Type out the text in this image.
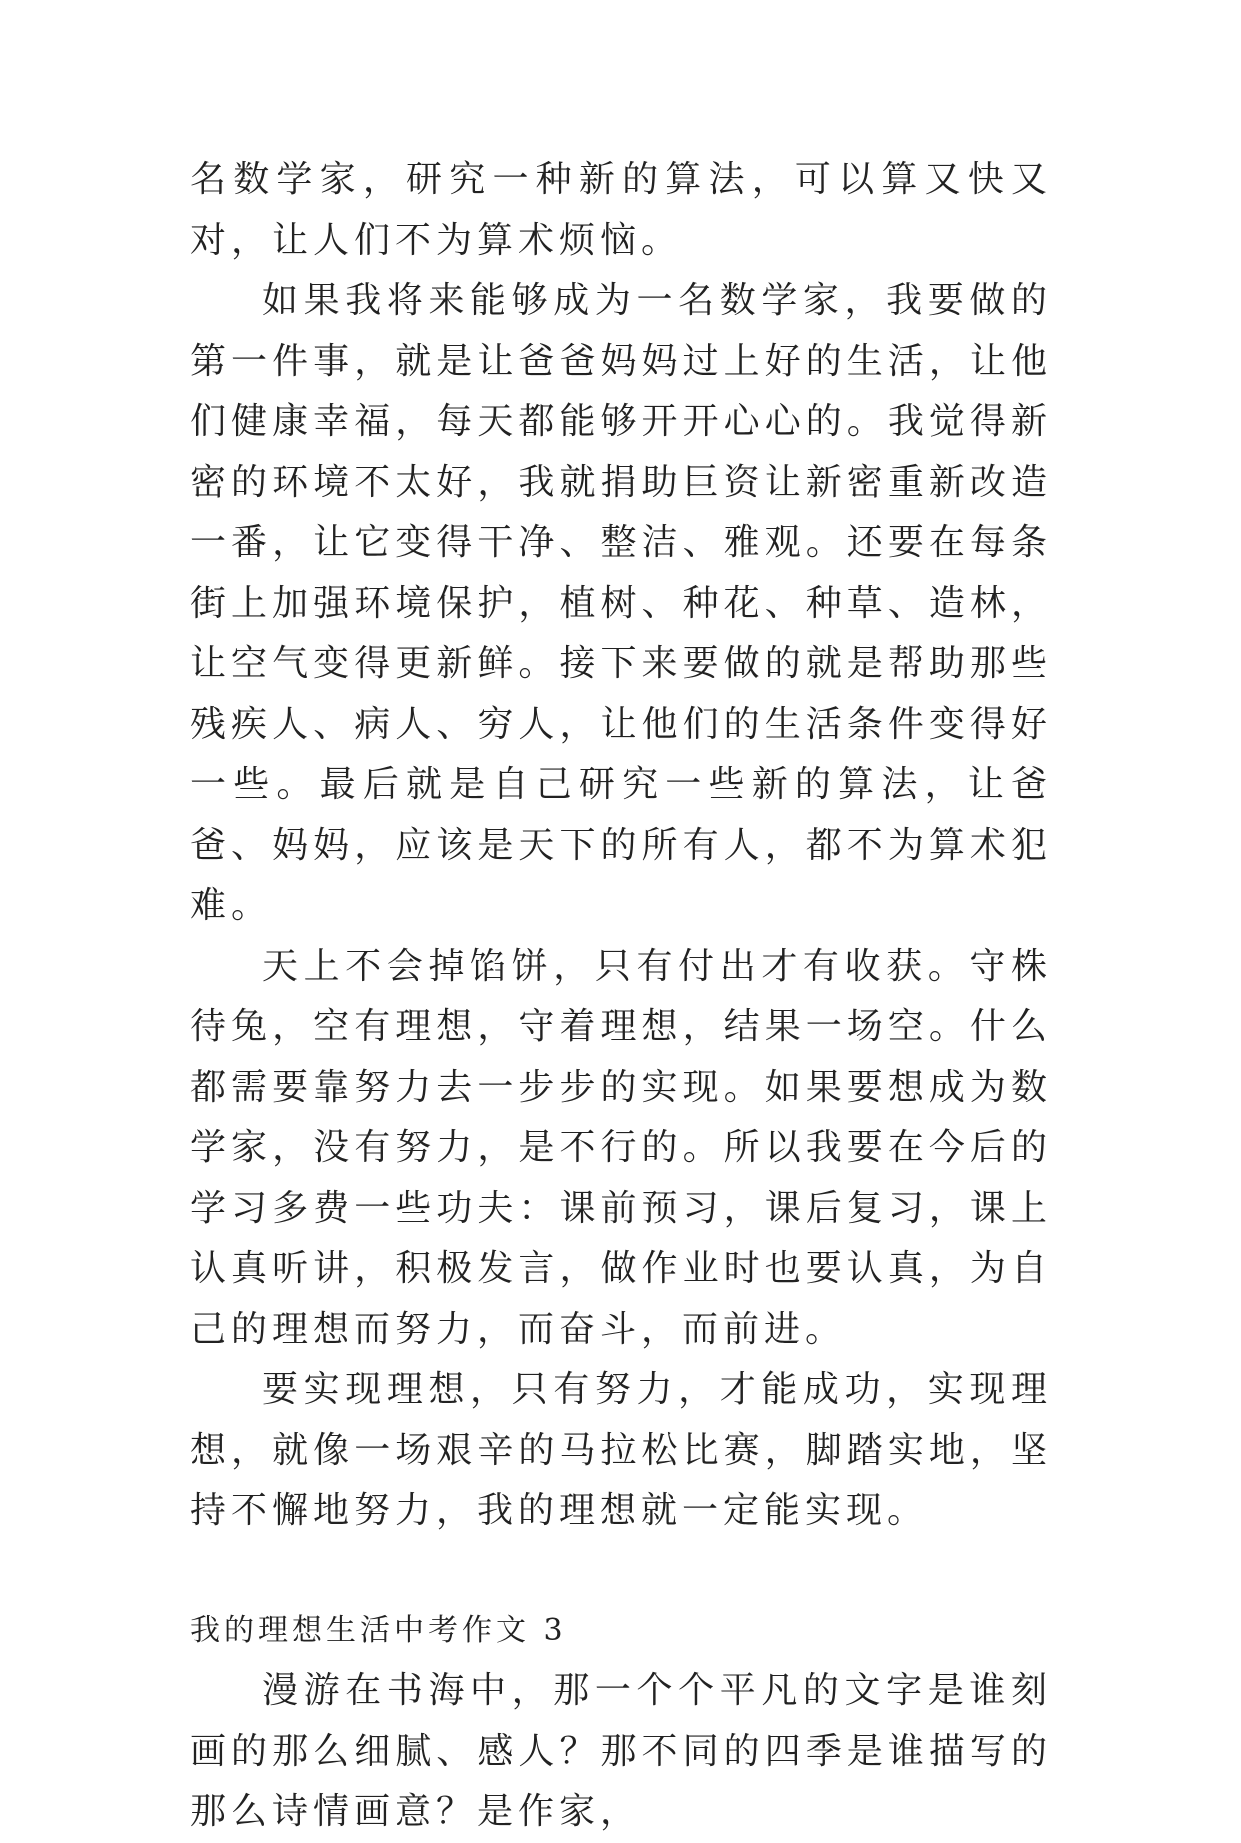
名数学家，研究一种新的算法，可以算又快又对，让人们不为算术烦恼。

如果我将来能够成为一名数学家，我要做的第一件事，就是让爸爸妈妈过上好的生活，让他们健康幸福，每天都能够开开心心的。我觉得新密的环境不太好，我就捐助巨资让新密重新改造一番，让它变得干净、整洁、雅观。还要在每条街上加强环境保护，植树、种花、种草、造林，让空气变得更新鲜。接下来要做的就是帮助那些残疾人、病人、穷人，让他们的生活条件变得好一些。最后就是自己研究一些新的算法，让爸爸、妈妈，应该是天下的所有人，都不为算术犯难。

天上不会掉馅饼，只有付出才有收获。守株待兔，空有理想，守着理想，结果一场空。什么都需要靠努力去一步步的实现。如果要想成为数学家，没有努力，是不行的。所以我要在今后的学习多费一些功夫：课前预习，课后复习，课上认真听讲，积极发言，做作业时也要认真，为自己的理想而努力，而奋斗，而前进。

要实现理想，只有努力，才能成功，实现理想，就像一场艰辛的马拉松比赛，脚踏实地，坚持不懈地努力，我的理想就一定能实现。

我的理想生活中考作文 3

漫游在书海中，那一个个平凡的文字是谁刻画的那么细腻、感人？那不同的四季是谁描写的那么诗情画意？是作家，
